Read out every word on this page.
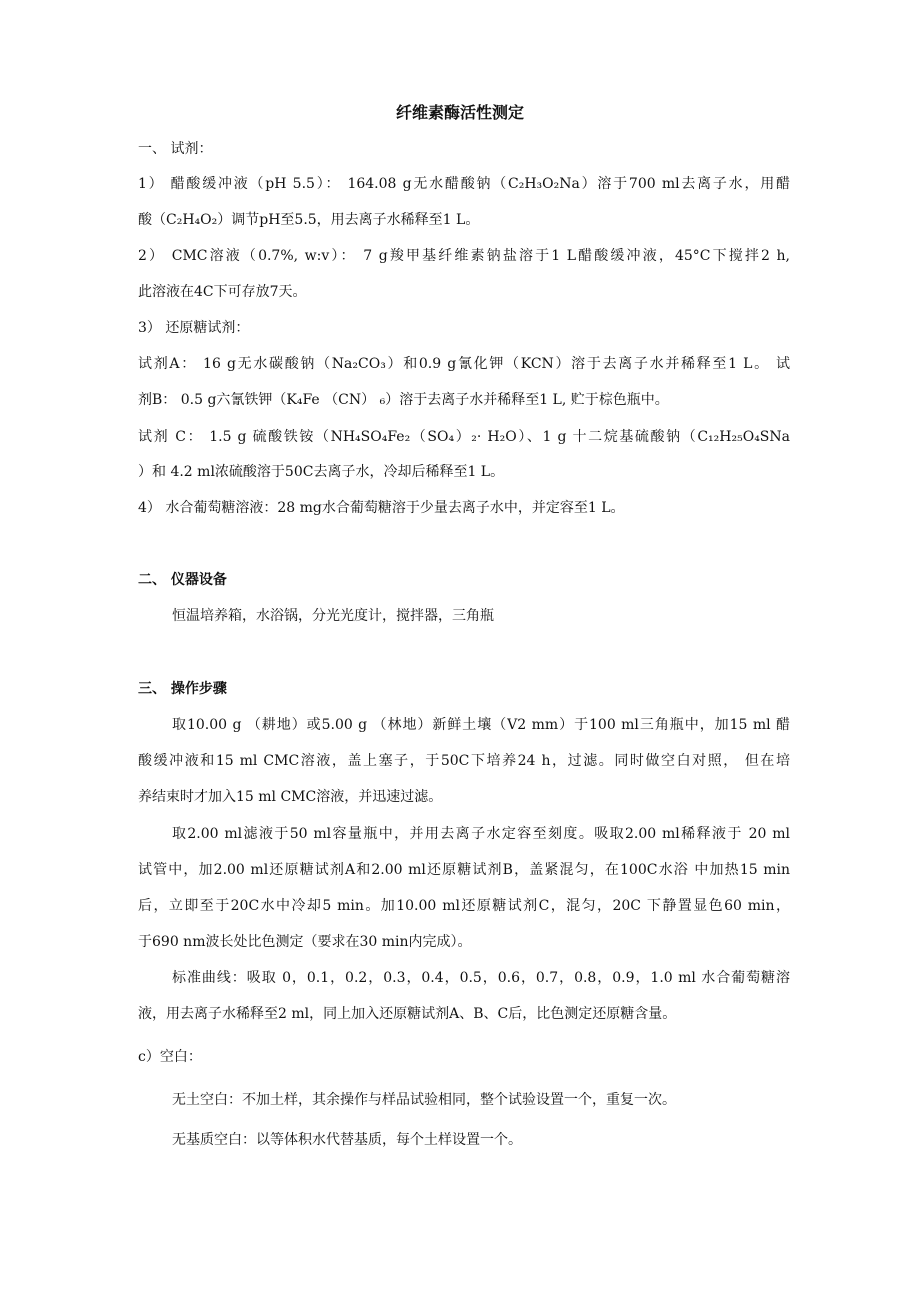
纤维素酶活性测定
一、 试剂：
1） 醋酸缓冲液（pH 5.5）： 164.08 g无水醋酸钠（C₂H₃O₂Na）溶于700 ml去离子水，用醋
酸（C₂H₄O₂）调节pH至5.5，用去离子水稀释至1 L。
2） CMC溶液（0.7%, w:v）： 7 g羧甲基纤维素钠盐溶于1 L醋酸缓冲液，45°C下搅拌2 h,
此溶液在4C下可存放7天。
3） 还原糖试剂：
试剂A： 16 g无水碳酸钠（Na₂CO₃）和0.9 g氰化钾（KCN）溶于去离子水并稀释至1 L。 试
剂B： 0.5 g六氰铁钾（K₄Fe （CN） ₆）溶于去离子水并稀释至1 L, 贮于棕色瓶中。
试剂 C： 1.5 g 硫酸铁铵（NH₄SO₄Fe₂（SO₄）₂· H₂O）、1 g 十二烷基硫酸钠（C₁₂H₂₅O₄SNa
）和 4.2 ml浓硫酸溶于50C去离子水，冷却后稀释至1 L。
4） 水合葡萄糖溶液：28 mg水合葡萄糖溶于少量去离子水中，并定容至1 L。
二、 仪器设备
恒温培养箱，水浴锅，分光光度计，搅拌器，三角瓶
三、 操作步骤
取10.00 g （耕地）或5.00 g （林地）新鲜土壤（V2 mm）于100 ml三角瓶中，加15 ml 醋
酸缓冲液和15 ml CMC溶液，盖上塞子，于50C下培养24 h，过滤。同时做空白对照， 但在培
养结束时才加入15 ml CMC溶液，并迅速过滤。
取2.00 ml滤液于50 ml容量瓶中，并用去离子水定容至刻度。吸取2.00 ml稀释液于 20 ml
试管中，加2.00 ml还原糖试剂A和2.00 ml还原糖试剂B，盖紧混匀，在100C水浴 中加热15 min
后，立即至于20C水中冷却5 min。加10.00 ml还原糖试剂C，混匀，20C 下静置显色60 min，
于690 nm波长处比色测定（要求在30 min内完成）。
标准曲线：吸取 0，0.1，0.2，0.3，0.4，0.5，0.6，0.7，0.8，0.9，1.0 ml 水合葡萄糖溶
液，用去离子水稀释至2 ml，同上加入还原糖试剂A、B、C后，比色测定还原糖含量。
c）空白：
无土空白：不加土样，其余操作与样品试验相同，整个试验设置一个，重复一次。
无基质空白：以等体积水代替基质，每个土样设置一个。
